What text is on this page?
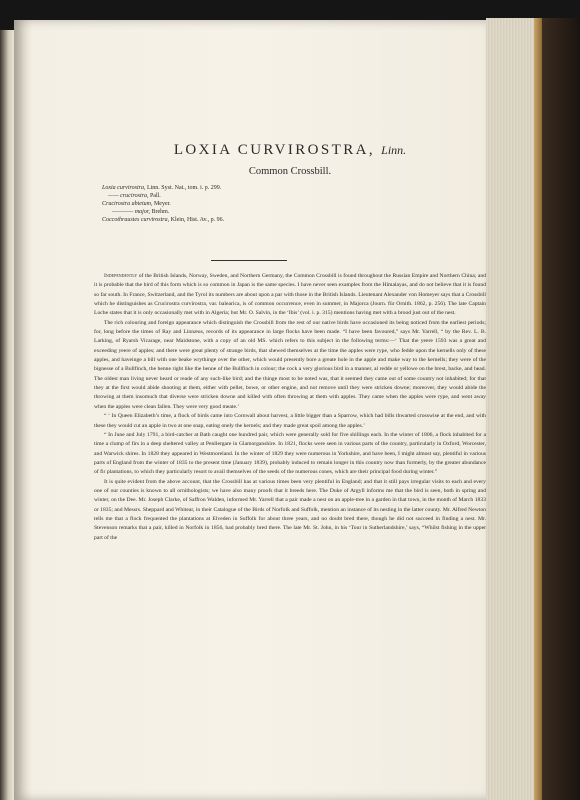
LOXIA CURVIROSTRA, Linn.
Common Crossbill.
Loxia curvirostra, Linn. Syst. Nat., tom. i. p. 299.
—— crucirostra, Pall.
Crucirostra abietum, Meyer.
———— major, Brehm.
Coccothraustes curvirostra, Klein, Hist. Av., p. 96.

Independently of the British Islands, Norway, Sweden, and Northern Germany, the Common Crossbill is found throughout the Russian Empire and Northern China; and it is probable that the bird of this form which is so common in Japan is the same species. I have never seen examples from the Himalayas, and do not believe that it is found so far south. In France, Switzerland, and the Tyrol its numbers are about upon a par with those in the British Islands. Lieutenant Alexander von Homeyer says that a Crossbill which he distinguishes as Crucirostra curvirostra, var. balearica, is of common occurrence, even in summer, in Majorca (Journ. für Ornith. 1862, p. 256). The late Captain Loche states that it is only occasionally met with in Algeria; but Mr. O. Salvin, in the ‘Ibis’ (vol. i. p. 315) mentions having met with a brood just out of the nest.

The rich colouring and foreign appearance which distinguish the Crossbill from the rest of our native birds have occasioned its being noticed from the earliest periods; for, long before the times of Ray and Linnæus, records of its appearance in large flocks have been made. “I have been favoured,” says Mr. Yarrell, “ by the Rev. L. B. Larking, of Ryarsh Vicarage, near Maidstone, with a copy of an old MS. which refers to this subject in the following terms:—‘ That the yeere 1593 was a great and exceeding yeere of apples; and there were great plenty of strange birds, that shewed themselves at the time the apples were rype, who fedde upon the kernells only of these apples, and haveinge a bill with one beake wrythinge over the other, which would presently bore a greate hole in the apple and make way to the kernells; they were of the bignesse of a Bullfinch, the henne right like the henne of the Bullfinch in colour; the cock a very glorious bird in a manner, al redde or yellowe on the brest, backe, and head. The oldest man living never heard or reade of any such-like bird; and the thinge most to be noted was, that it seemed they came out of some country not inhabited; for that they at the first would abide shooting at them, either with pellet, bowe, or other engine, and not remove until they were stricken downe; moreover, they would abide the throwing at them insomuch that diverse were stricken downe and killed with often throwing at them with apples. They came when the apples were rype, and went away when the apples were clean fallen. They were very good meate.’

“ ‘ In Queen Elizabeth’s time, a flock of birds came into Cornwall about harvest, a little bigger than a Sparrow, which had bills thwarted crosswise at the end, and with these they would cut an apple in two at one snap, eating onely the kernels; and they made great spoil among the apples.’

“ In June and July 1791, a bird-catcher at Bath caught one hundred pair, which were generally sold for five shillings each. In the winter of 1806, a flock inhabited for a time a clump of firs in a deep sheltered valley at Penllergare in Glamorganshire. In 1821, flocks were seen in various parts of the country, particularly in Oxford, Worcester, and Warwick shires. In 1828 they appeared in Westmoreland. In the winter of 1829 they were numerous in Yorkshire, and have been, I might almost say, plentiful in various parts of England from the winter of 1835 to the present time (January 1839), probably induced to remain longer in this country now than formerly, by the greater abundance of fir plantations, to which they particularly resort to avail themselves of the seeds of the numerous cones, which are their principal food during winter.”

It is quite evident from the above account, that the Crossbill has at various times been very plentiful in England; and that it still pays irregular visits to each and every one of our counties is known to all ornithologists; we have also many proofs that it breeds here. The Duke of Argyll informs me that the bird is seen, both in spring and winter, on the Dee. Mr. Joseph Clarke, of Saffron Walden, informed Mr. Yarrell that a pair made a nest on an apple-tree in a garden in that town, in the month of March 1833 or 1835; and Messrs. Sheppard and Whitear, in their Catalogue of the Birds of Norfolk and Suffolk, mention an instance of its nesting in the latter county. Mr. Alfred Newton tells me that a flock frequented the plantations at Elveden in Suffolk for about three years, and no doubt bred there, though he did not succeed in finding a nest. Mr. Stevenson remarks that a pair, killed in Norfolk in 1856, had probably bred there. The late Mr. St. John, in his ‘Tour in Sutherlandshire,’ says, “Whilst fishing in the upper part of the
